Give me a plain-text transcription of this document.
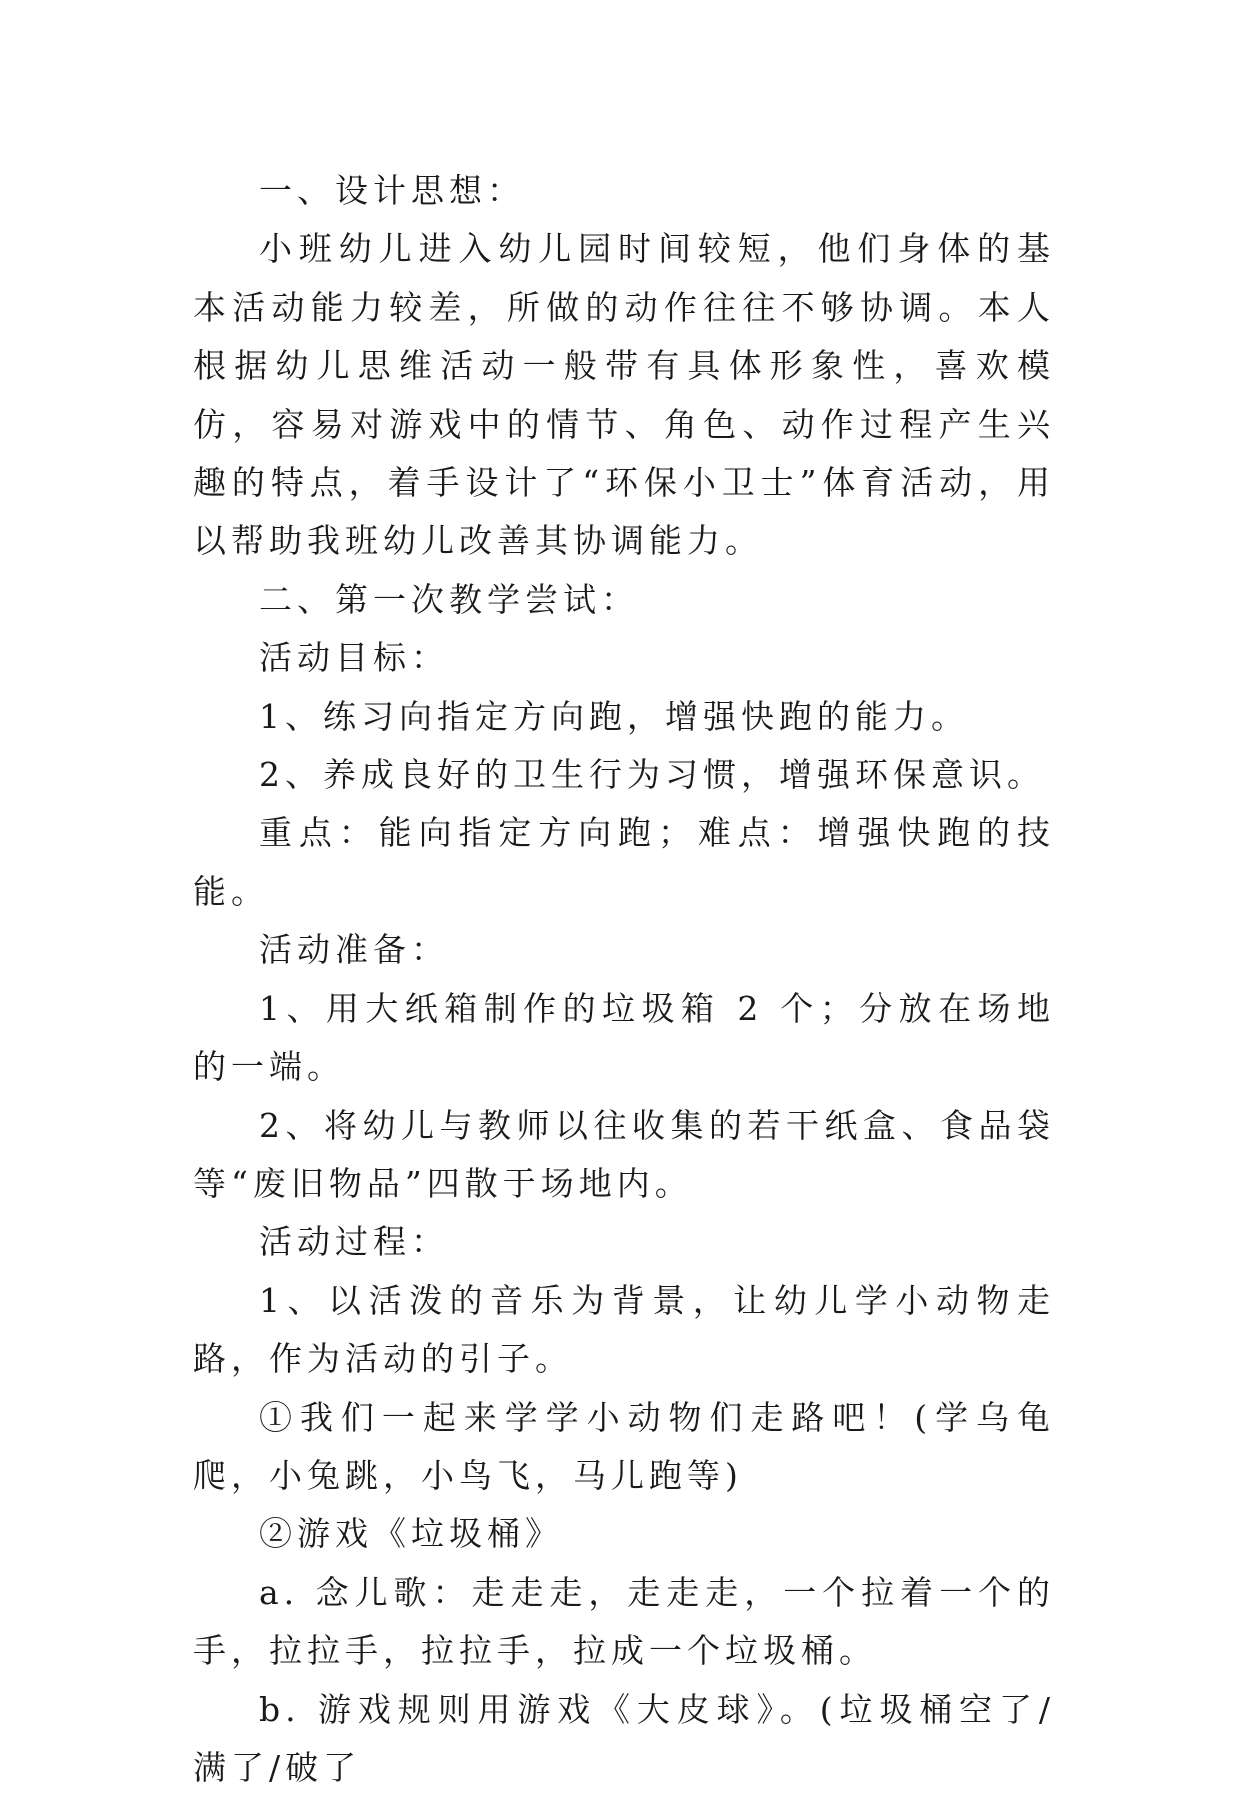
一、设计思想：

小班幼儿进入幼儿园时间较短，他们身体的基本活动能力较差，所做的动作往往不够协调。本人根据幼儿思维活动一般带有具体形象性，喜欢模仿，容易对游戏中的情节、角色、动作过程产生兴趣的特点，着手设计了“环保小卫士”体育活动，用以帮助我班幼儿改善其协调能力。

二、第一次教学尝试：

活动目标：

1、练习向指定方向跑，增强快跑的能力。

2、养成良好的卫生行为习惯，增强环保意识。

重点：能向指定方向跑；难点：增强快跑的技能。

活动准备：

1、用大纸箱制作的垃圾箱 2 个；分放在场地的一端。

2、将幼儿与教师以往收集的若干纸盒、食品袋等“废旧物品”四散于场地内。

活动过程：

1、以活泼的音乐为背景，让幼儿学小动物走路，作为活动的引子。

①我们一起来学学小动物们走路吧！(学乌龟爬，小兔跳，小鸟飞，马儿跑等)

②游戏《垃圾桶》

a. 念儿歌：走走走，走走走，一个拉着一个的手，拉拉手，拉拉手，拉成一个垃圾桶。

b. 游戏规则用游戏《大皮球》。(垃圾桶空了/满了/破了
